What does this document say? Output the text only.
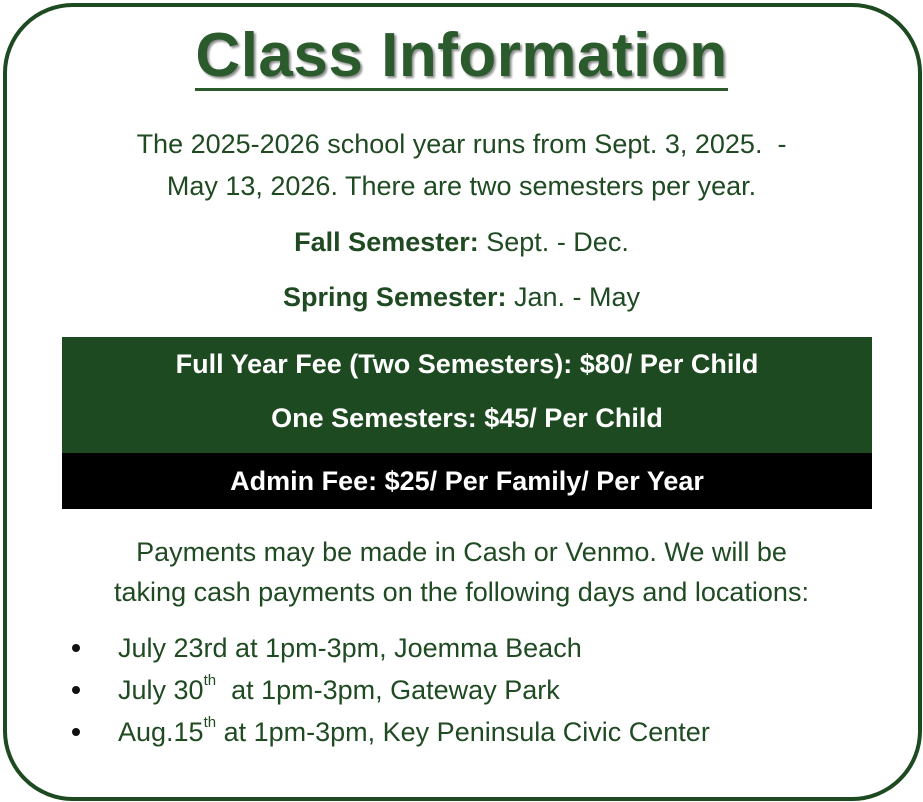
Class Information
The 2025-2026 school year runs from Sept. 3, 2025.  -
May 13, 2026. There are two semesters per year.
Fall Semester: Sept. - Dec.
Spring Semester: Jan. - May
Full Year Fee (Two Semesters): $80/ Per Child
One Semesters: $45/ Per Child
Admin Fee: $25/ Per Family/ Per Year
Payments may be made in Cash or Venmo. We will be
taking cash payments on the following days and locations:
July 23rd at 1pm-3pm, Joemma Beach
July 30th  at 1pm-3pm, Gateway Park
Aug.15th at 1pm-3pm, Key Peninsula Civic Center
